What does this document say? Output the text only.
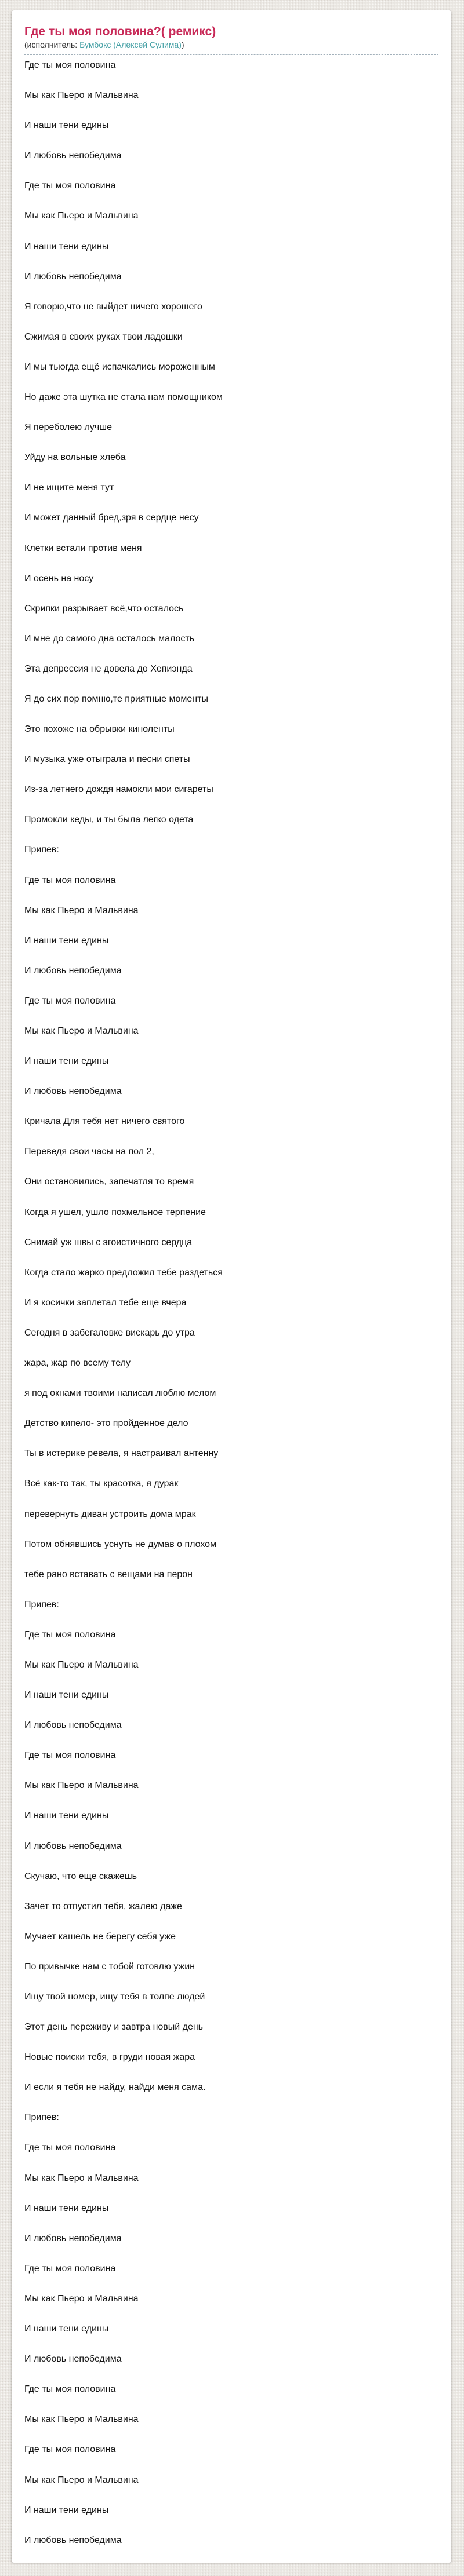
Где ты моя половина?( ремикс)

(исполнитель: Бумбокс (Алексей Сулима))

Где ты моя половина

Мы как Пьеро и Мальвина

И наши тени едины

И любовь непобедима

Где ты моя половина

Мы как Пьеро и Мальвина

И наши тени едины

И любовь непобедима

Я говорю,что не выйдет ничего хорошего

Сжимая в своих руках твои ладошки

И мы тыогда ещё испачкались мороженным

Но даже эта шутка не стала нам помощником

Я переболею лучше

Уйду на вольные хлеба

И не ищите меня тут

И может данный бред,зря в сердце несу

Клетки встали против меня

И осень на носу

Скрипки разрывает всё,что осталось

И мне до самого дна осталось малость

Эта депрессия не довела до Хепиэнда

Я до сих пор помню,те приятные моменты

Это похоже на обрывки киноленты

И музыка уже отыграла и песни спеты

Из-за летнего дождя намокли мои сигареты

Промокли кеды, и ты была легко одета

Припев:

Где ты моя половина

Мы как Пьеро и Мальвина

И наши тени едины

И любовь непобедима

Где ты моя половина

Мы как Пьеро и Мальвина

И наши тени едины

И любовь непобедима

Кричала Для тебя нет ничего святого

Переведя свои часы на пол 2,

Они остановились, запечатля то время

Когда я ушел, ушло похмельное терпение

Снимай уж швы с эгоистичного сердца

Когда стало жарко предложил тебе раздеться

И я косички заплетал тебе еще вчера

Сегодня в забегаловке вискарь до утра

жара, жар по всему телу

я под окнами твоими написал люблю мелом

Детство кипело- это пройденное дело

Ты в истерике ревела, я настраивал антенну

Всё как-то так, ты красотка, я дурак

перевернуть диван устроить дома мрак

Потом обнявшись уснуть не думав о плохом

тебе рано вставать с вещами на перон

Припев:

Где ты моя половина

Мы как Пьеро и Мальвина

И наши тени едины

И любовь непобедима

Где ты моя половина

Мы как Пьеро и Мальвина

И наши тени едины

И любовь непобедима

Скучаю, что еще скажешь

Зачет то отпустил тебя, жалею даже

Мучает кашель не берегу себя уже

По привычке нам с тобой готовлю ужин

Ищу твой номер, ищу тебя в толпе людей

Этот день переживу и завтра новый день

Новые поиски тебя, в груди новая жара

И если я тебя не найду, найди меня сама.

Припев:

Где ты моя половина

Мы как Пьеро и Мальвина

И наши тени едины

И любовь непобедима

Где ты моя половина

Мы как Пьеро и Мальвина

И наши тени едины

И любовь непобедима

Где ты моя половина

Мы как Пьеро и Мальвина

Где ты моя половина

Мы как Пьеро и Мальвина

И наши тени едины

И любовь непобедима
